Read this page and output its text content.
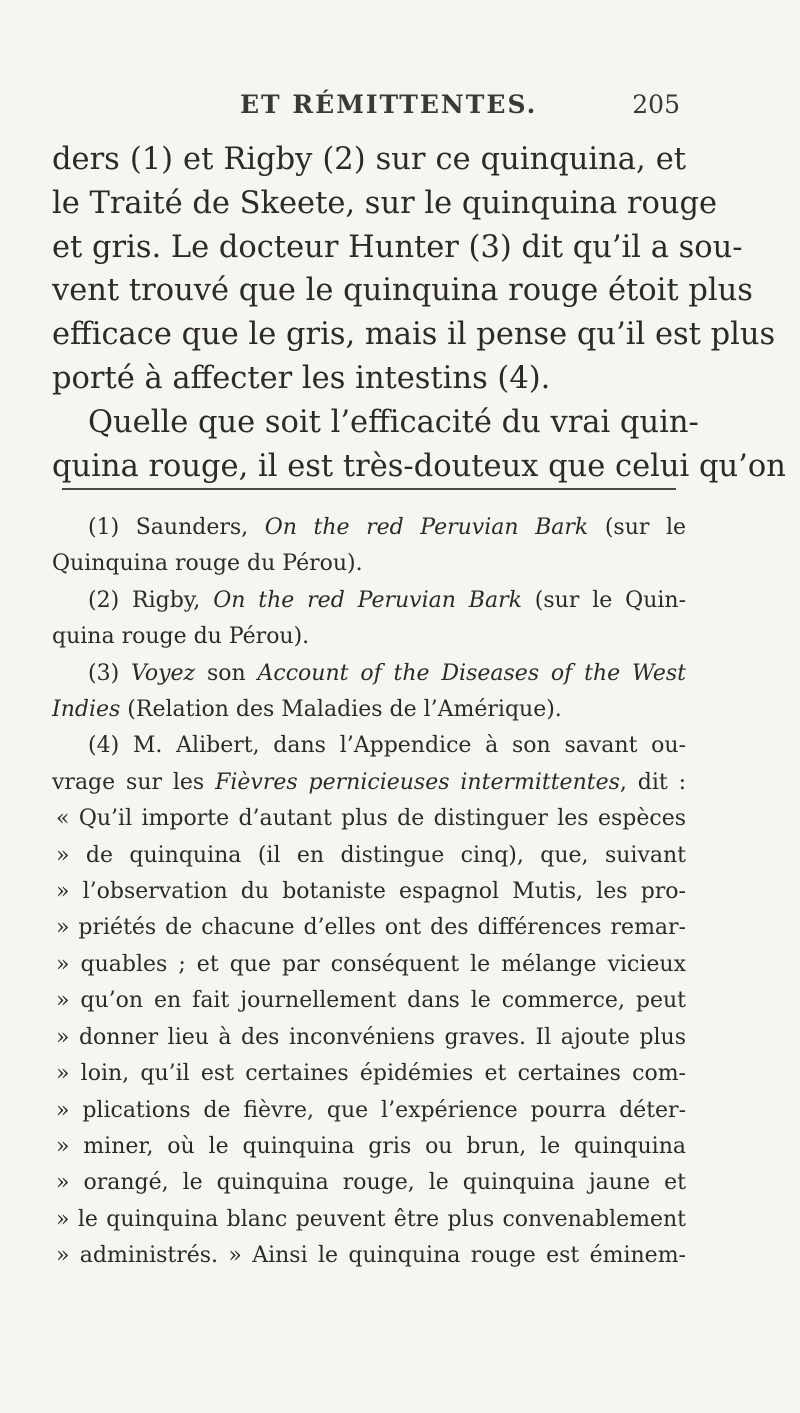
ET RÉMITTENTES.	205
ders (1) et Rigby (2) sur ce quinquina, et
le Traité de Skeete, sur le quinquina rouge
et gris. Le docteur Hunter (3) dit qu’il a sou-
vent trouvé que le quinquina rouge étoit plus
efficace que le gris, mais il pense qu’il est plus
porté à affecter les intestins (4).
Quelle que soit l’efficacité du vrai quin-
quina rouge, il est très-douteux que celui qu’on
(1) Saunders, On the red Peruvian Bark (sur le
Quinquina rouge du Pérou).
(2) Rigby, On the red Peruvian Bark (sur le Quin-
quina rouge du Pérou).
(3) Voyez son Account of the Diseases of the West
Indies (Relation des Maladies de l’Amérique).
(4) M. Alibert, dans l’Appendice à son savant ou-
vrage sur les Fièvres pernicieuses intermittentes, dit :
« Qu’il importe d’autant plus de distinguer les espèces
» de quinquina (il en distingue cinq), que, suivant
» l’observation du botaniste espagnol Mutis, les pro-
» priétés de chacune d’elles ont des différences remar-
» quables ; et que par conséquent le mélange vicieux
» qu’on en fait journellement dans le commerce, peut
» donner lieu à des inconvéniens graves. Il ajoute plus
» loin, qu’il est certaines épidémies et certaines com-
» plications de fièvre, que l’expérience pourra déter-
» miner, où le quinquina gris ou brun, le quinquina
» orangé, le quinquina rouge, le quinquina jaune et
» le quinquina blanc peuvent être plus convenablement
» administrés. » Ainsi le quinquina rouge est éminem-
